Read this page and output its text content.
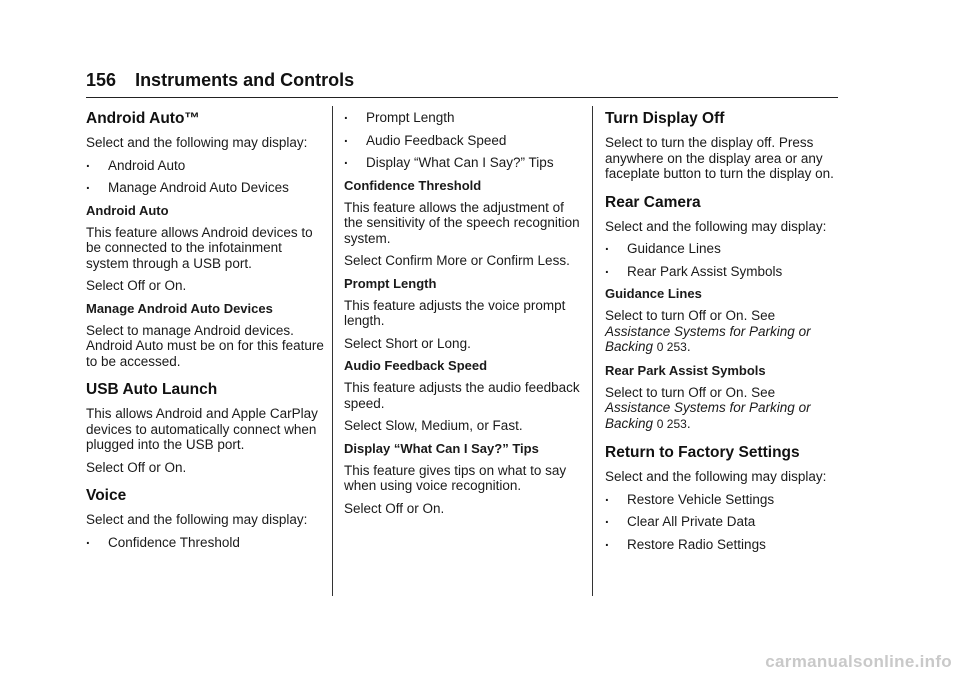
156 Instruments and Controls
Android Auto™

Select and the following may display:

. Android Auto
. Manage Android Auto Devices
Android Auto

This feature allows Android devices to be connected to the infotainment system through a USB port.

Select Off or On.

Manage Android Auto Devices

Select to manage Android devices. Android Auto must be on for this feature to be accessed.

USB Auto Launch

This allows Android and Apple CarPlay devices to automatically connect when plugged into the USB port.

Select Off or On.

Voice

Select and the following may display:

. Confidence Threshold
. Prompt Length
. Audio Feedback Speed
. Display “What Can I Say?” Tips
Confidence Threshold

This feature allows the adjustment of the sensitivity of the speech recognition system.

Select Confirm More or Confirm Less.

Prompt Length

This feature adjusts the voice prompt length.

Select Short or Long.

Audio Feedback Speed

This feature adjusts the audio feedback speed.

Select Slow, Medium, or Fast.

Display “What Can I Say?” Tips

This feature gives tips on what to say when using voice recognition.

Select Off or On.

Turn Display Off

Select to turn the display off. Press anywhere on the display area or any faceplate button to turn the display on.

Rear Camera

Select and the following may display:

. Guidance Lines
. Rear Park Assist Symbols
Guidance Lines

Select to turn Off or On. See Assistance Systems for Parking or Backing 0 253.

Rear Park Assist Symbols

Select to turn Off or On. See Assistance Systems for Parking or Backing 0 253.

Return to Factory Settings

Select and the following may display:

. Restore Vehicle Settings
. Clear All Private Data
. Restore Radio Settings
carmanualsonline.info
